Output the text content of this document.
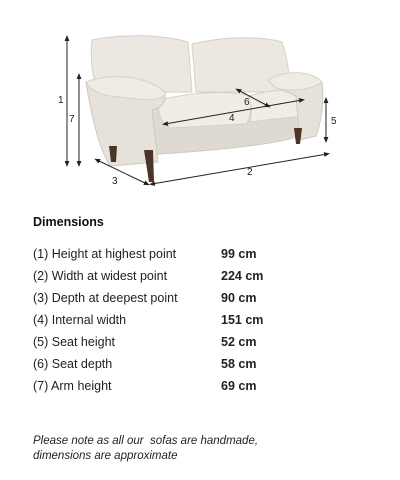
1
7	5
4
6
2
3
Dimensions
(1) Height at highest point	99 cm
(2) Width at widest point	224 cm
(3) Depth at deepest point	90 cm
(4) Internal width	151 cm
(5) Seat height	52 cm
(6) Seat depth	58 cm
(7) Arm height	69 cm
Please note as all our  sofas are handmade,
dimensions are approximate
